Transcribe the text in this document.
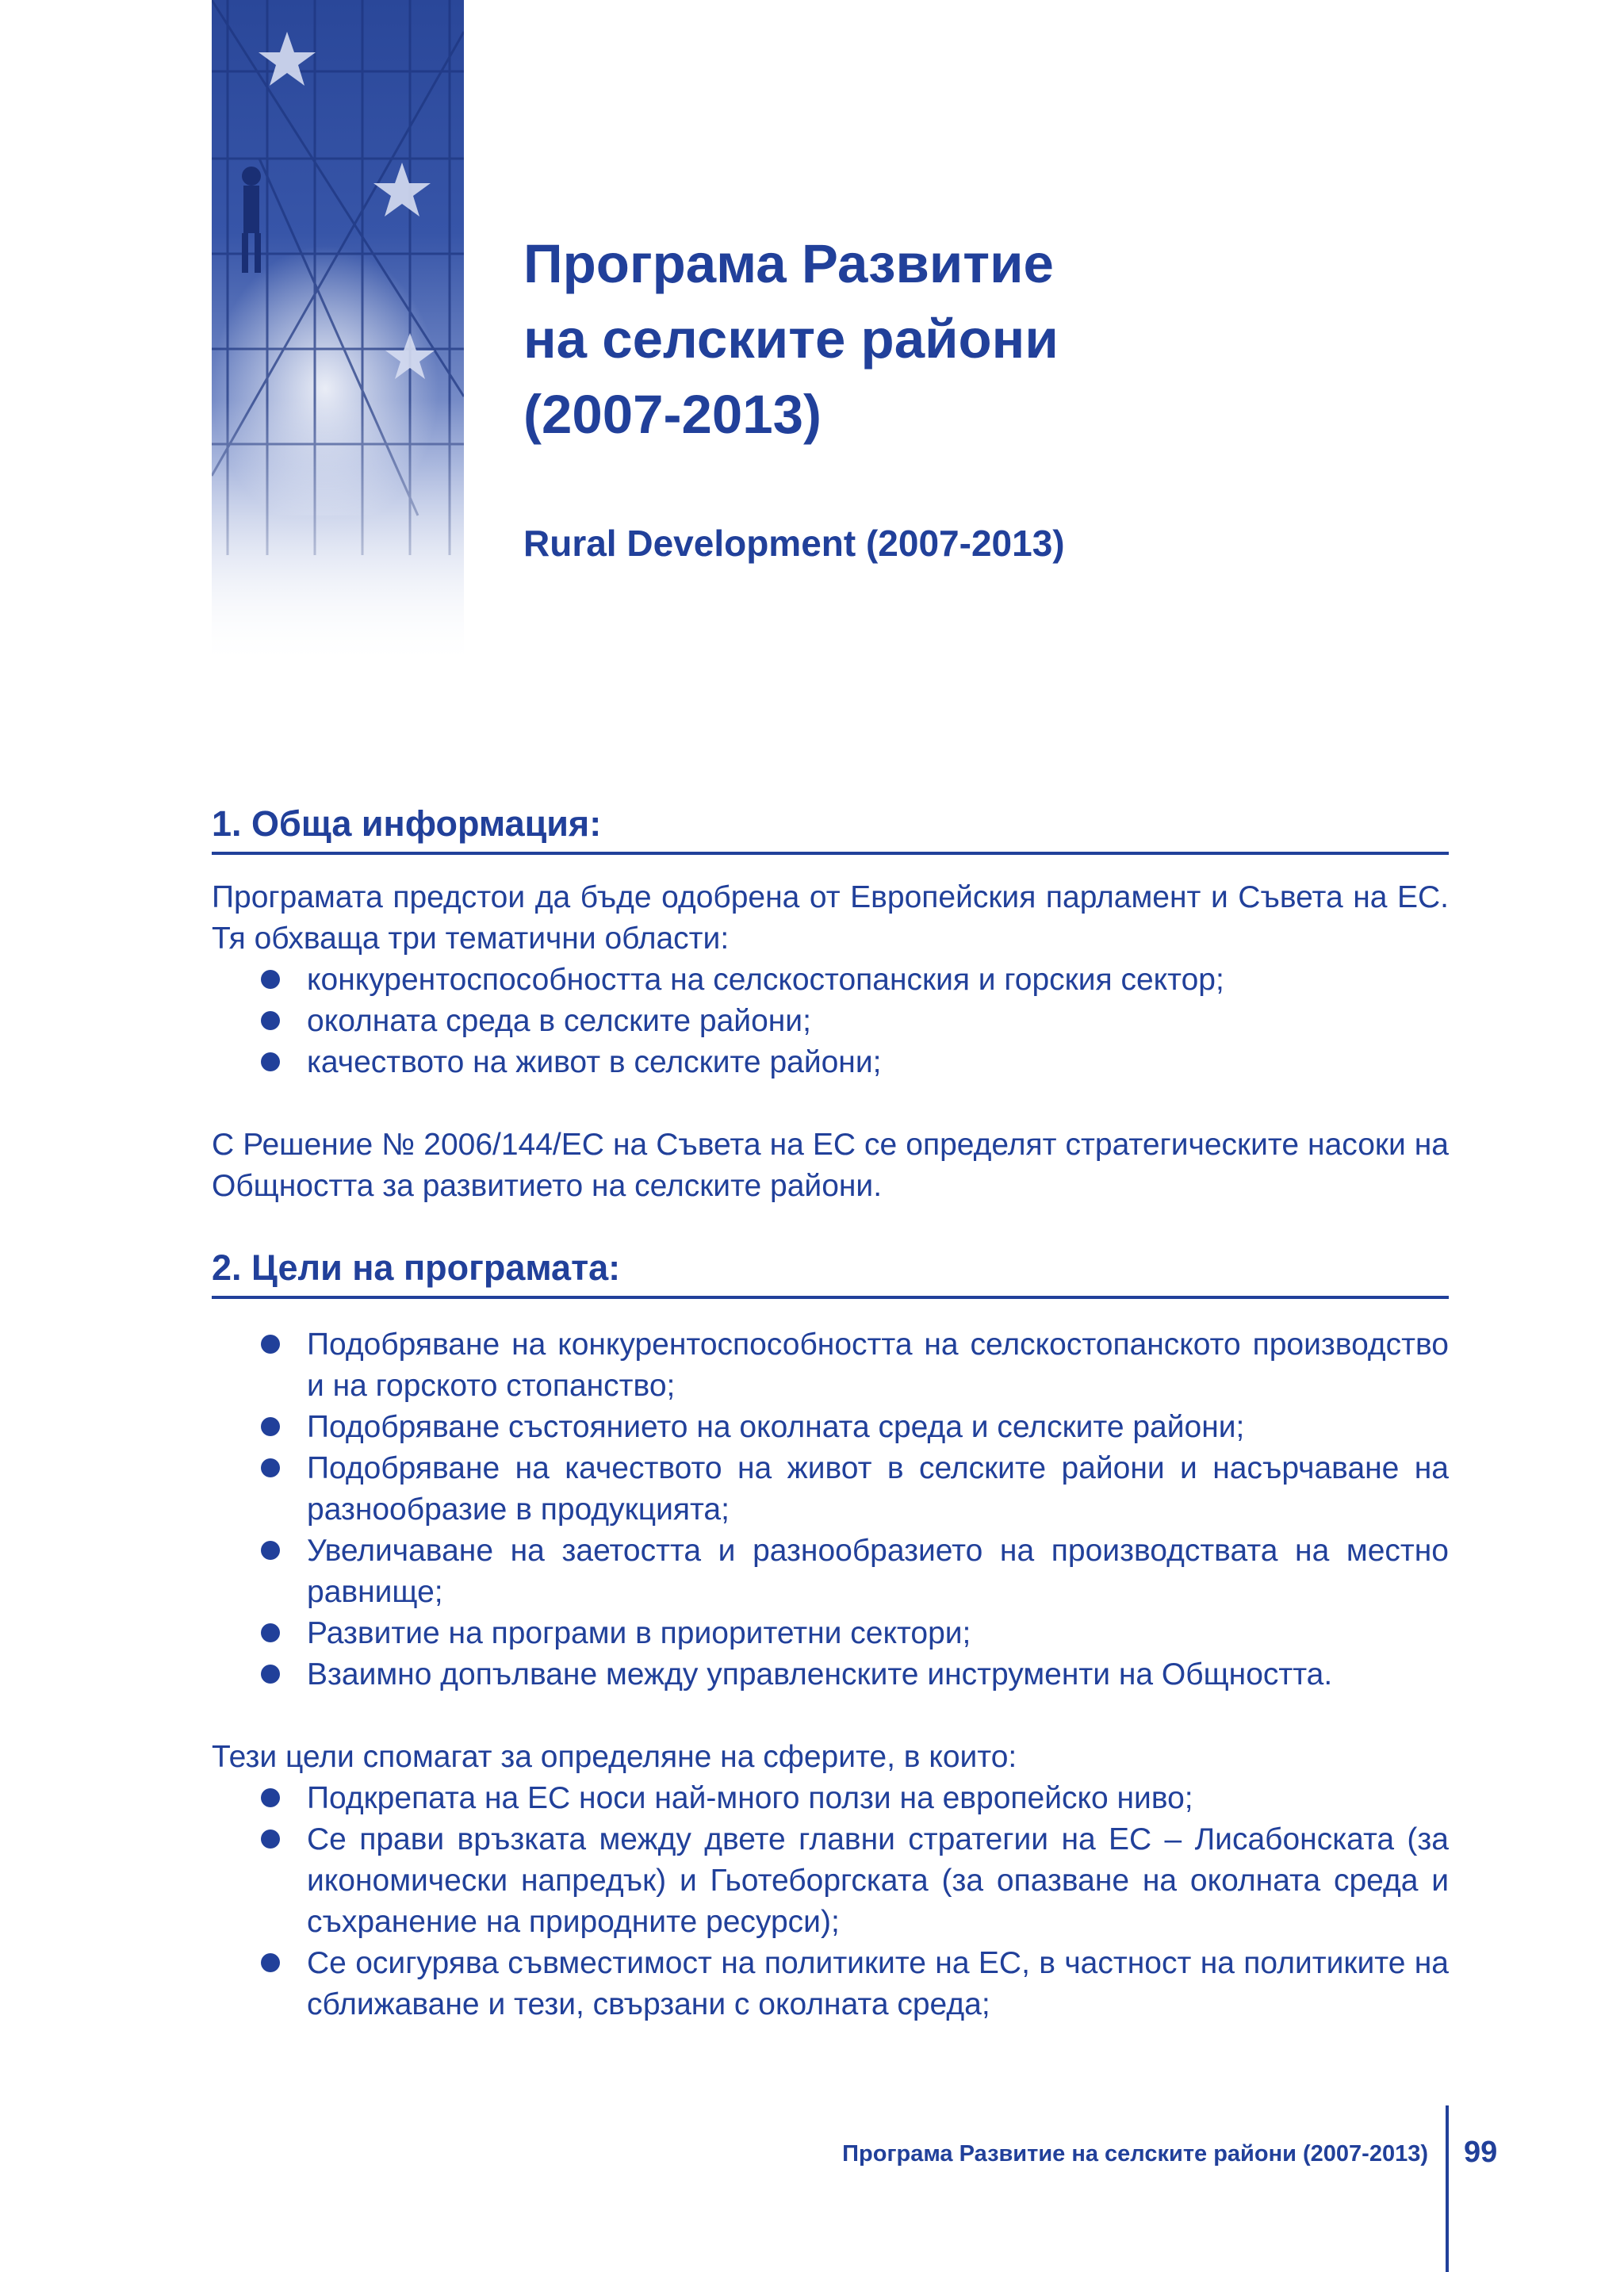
Програма Развитие
на селските райони
(2007-2013)
Rural Development (2007-2013)
1. Обща информация:

Програмата предстои да бъде одобрена от Европейския парламент и Съвета на ЕС. Тя обхваща три тематични области:

конкурентоспособността на селскостопанския и горския сектор;
околната среда в селските райони;
качеството на живот в селските райони;

С Решение № 2006/144/ЕС на Съвета на ЕС се определят стратегическите насоки на Общността за развитието на селските райони.

2. Цели на програмата:
Подобряване на конкурентоспособността на селскостопанското производство и на горското стопанство;
Подобряване състоянието на околната среда и селските райони;
Подобряване на качеството на живот в селските райони и насърчаване на разнообразие в продукцията;
Увеличаване на заетостта и разнообразието на производствата на местно равнище;
Развитие на програми в приоритетни сектори;
Взаимно допълване между управленските инструменти на Общността.

Тези цели спомагат за определяне на сферите, в които:

Подкрепата на ЕС носи най-много ползи на европейско ниво;
Се прави връзката между двете главни стратегии на ЕС – Лисабонската (за икономически напредък) и Гьотеборгската (за опазване на околната среда и съхранение на природните ресурси);
Се осигурява съвместимост на политиките на ЕС, в частност на политиките на сближаване и тези, свързани с околната среда;
Програма Развитие на селските райони (2007-2013) 99
